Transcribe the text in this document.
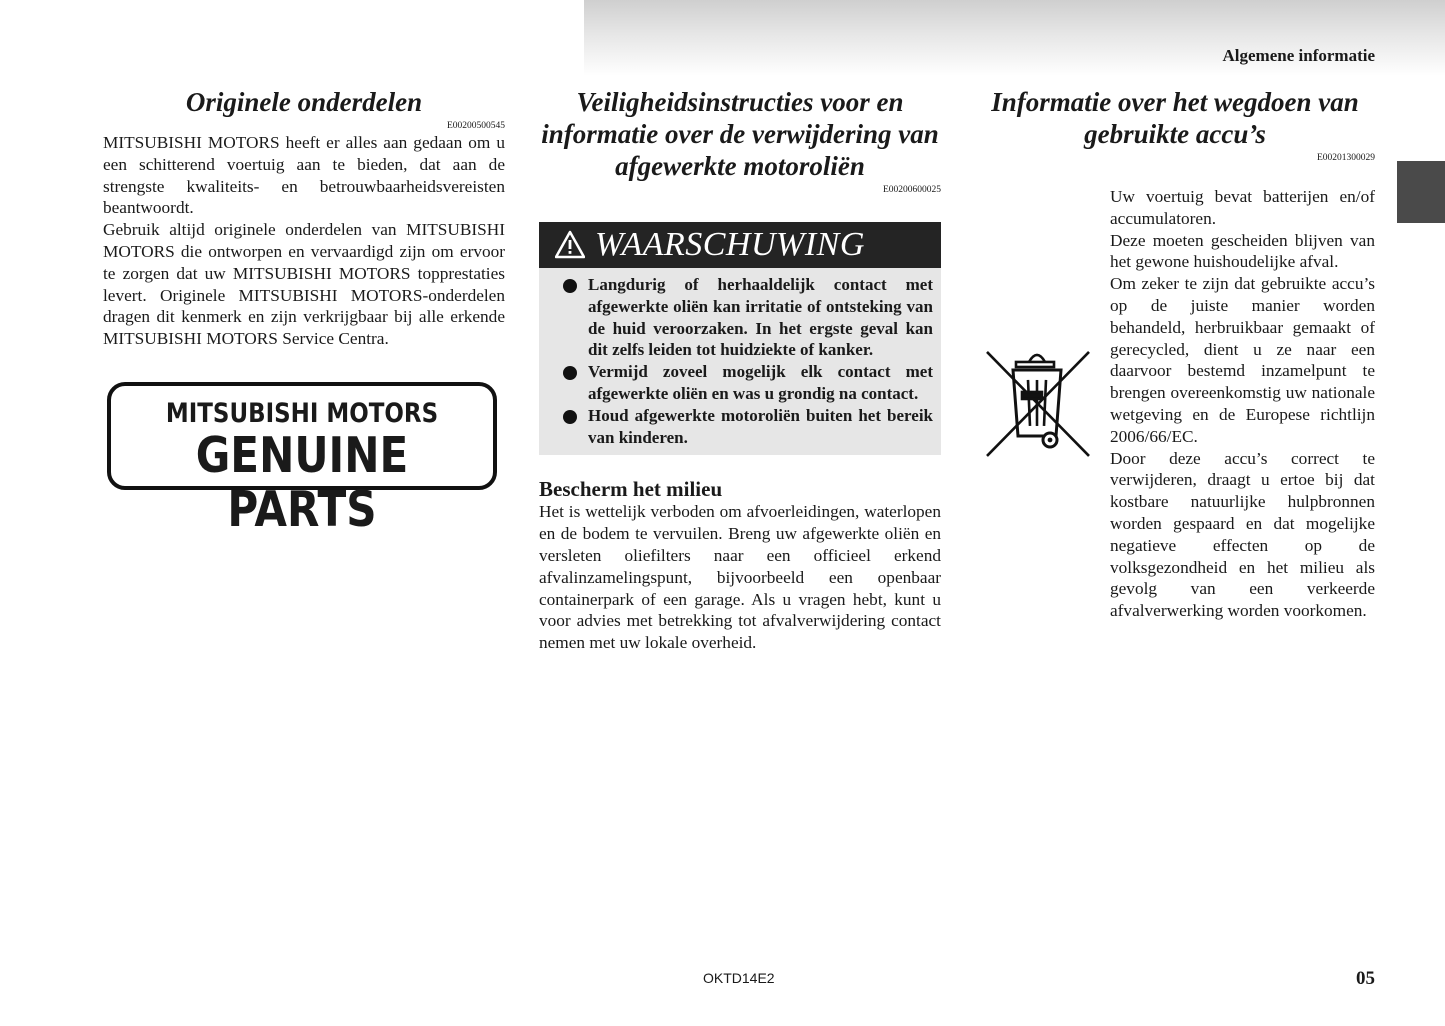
Algemene informatie
Originele onderdelen
E00200500545

MITSUBISHI MOTORS heeft er alles aan gedaan om u een schitterend voertuig aan te bieden, dat aan de strengste kwaliteits- en betrouwbaarheidsvereisten beantwoordt.

Gebruik altijd originele onderdelen van MITSUBISHI MOTORS die ontworpen en vervaardigd zijn om ervoor te zorgen dat uw MITSUBISHI MOTORS topprestaties levert. Originele MITSUBISHI MOTORS-onderdelen dragen dit kenmerk en zijn verkrijgbaar bij alle erkende MITSUBISHI MOTORS Service Centra.

MITSUBISHI MOTORS
GENUINE PARTS
Veiligheidsinstructies voor en informatie over de verwijdering van afgewerkte motoroliën
E00200600025
WAARSCHUWING
Langdurig of herhaaldelijk contact met afgewerkte oliën kan irritatie of ontsteking van de huid veroorzaken. In het ergste geval kan dit zelfs leiden tot huidziekte of kanker.
Vermijd zoveel mogelijk elk contact met afgewerkte oliën en was u grondig na contact.
Houd afgewerkte motoroliën buiten het bereik van kinderen.
Bescherm het milieu

Het is wettelijk verboden om afvoerleidingen, waterlopen en de bodem te vervuilen. Breng uw afgewerkte oliën en versleten oliefilters naar een officieel erkend afvalinzamelingspunt, bijvoorbeeld een openbaar containerpark of een garage. Als u vragen hebt, kunt u voor advies met betrekking tot afvalverwijdering contact nemen met uw lokale overheid.

Informatie over het wegdoen van gebruikte accu’s
E00201300029

Uw voertuig bevat batterijen en/of accumulatoren.

Deze moeten gescheiden blijven van het gewone huishoudelijke afval.

Om zeker te zijn dat gebruikte accu’s op de juiste manier worden behandeld, herbruikbaar gemaakt of gerecycled, dient u ze naar een daarvoor bestemd inzamelpunt te brengen overeenkomstig uw nationale wetgeving en de Europese richtlijn 2006/66/EC.

Door deze accu’s correct te verwijderen, draagt u ertoe bij dat kostbare natuurlijke hulpbronnen worden gespaard en dat mogelijke negatieve effecten op de volksgezondheid en het milieu als gevolg van een verkeerde afvalverwerking worden voorkomen.

OKTD14E2	05
